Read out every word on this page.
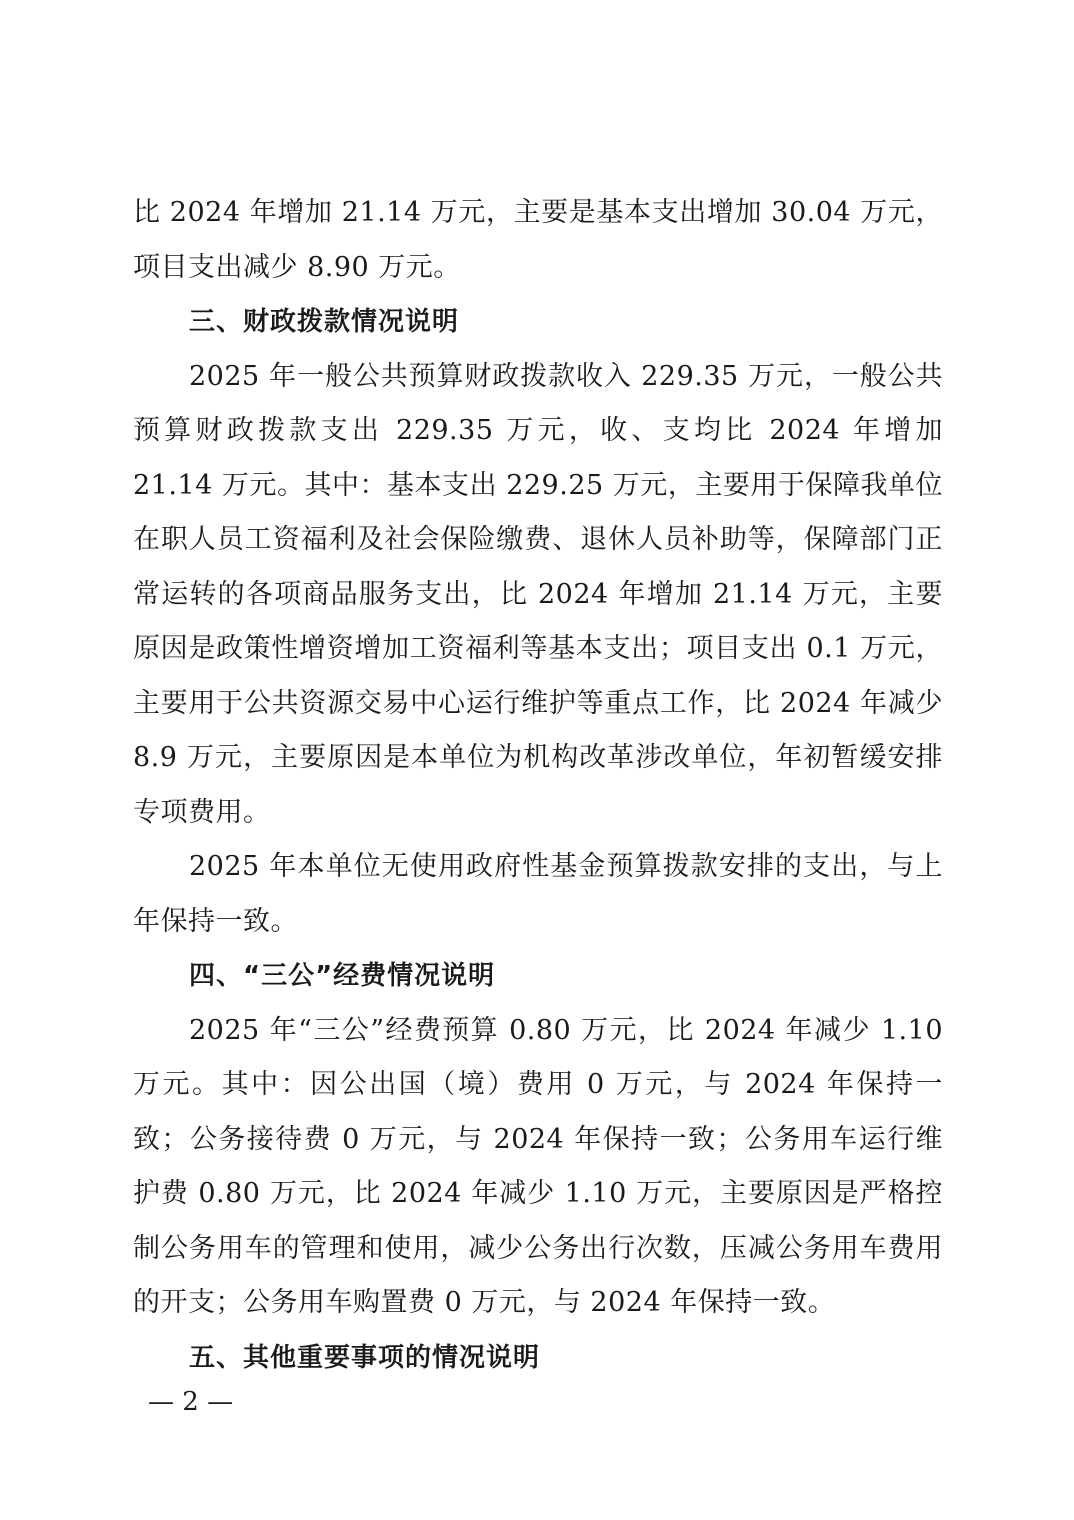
比 2024 年增加 21.14 万元，主要是基本支出增加 30.04 万元，项目支出减少 8.90 万元。

三、财政拨款情况说明

2025 年一般公共预算财政拨款收入 229.35 万元，一般公共预算财政拨款支出 229.35 万元，收、支均比 2024 年增加 21.14 万元。其中：基本支出 229.25 万元，主要用于保障我单位在职人员工资福利及社会保险缴费、退休人员补助等，保障部门正常运转的各项商品服务支出，比 2024 年增加 21.14 万元，主要原因是政策性增资增加工资福利等基本支出；项目支出 0.1 万元，主要用于公共资源交易中心运行维护等重点工作，比 2024 年减少 8.9 万元，主要原因是本单位为机构改革涉改单位，年初暂缓安排专项费用。

2025 年本单位无使用政府性基金预算拨款安排的支出，与上年保持一致。

四、“三公”经费情况说明

2025 年“三公”经费预算 0.80 万元，比 2024 年减少 1.10 万元。其中：因公出国（境）费用 0 万元，与 2024 年保持一致；公务接待费 0 万元，与 2024 年保持一致；公务用车运行维护费 0.80 万元，比 2024 年减少 1.10 万元，主要原因是严格控制公务用车的管理和使用，减少公务出行次数，压减公务用车费用的开支；公务用车购置费 0 万元，与 2024 年保持一致。

五、其他重要事项的情况说明

— 2 —
